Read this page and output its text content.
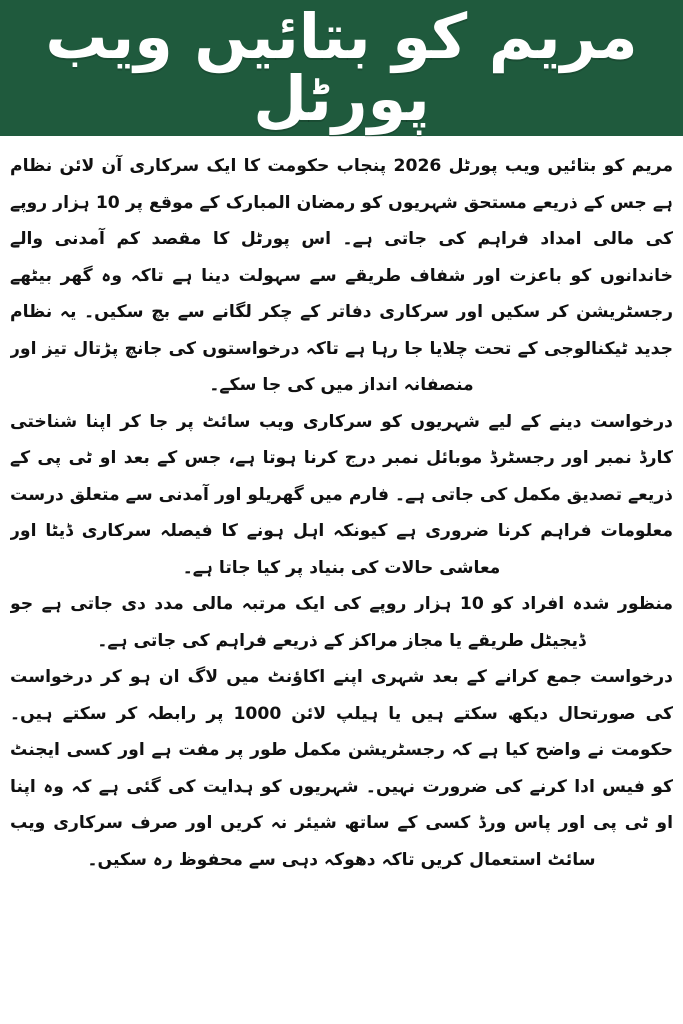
مریم کو بتائیں ویب پورٹل

مریم کو بتائیں ویب پورٹل 2026 پنجاب حکومت کا ایک سرکاری آن لائن نظام ہے جس کے ذریعے مستحق شہریوں کو رمضان المبارک کے موقع پر 10 ہزار روپے کی مالی امداد فراہم کی جاتی ہے۔ اس پورٹل کا مقصد کم آمدنی والے خاندانوں کو باعزت اور شفاف طریقے سے سہولت دینا ہے تاکہ وہ گھر بیٹھے رجسٹریشن کر سکیں اور سرکاری دفاتر کے چکر لگانے سے بچ سکیں۔ یہ نظام جدید ٹیکنالوجی کے تحت چلایا جا رہا ہے تاکہ درخواستوں کی جانچ پڑتال تیز اور منصفانہ انداز میں کی جا سکے۔

درخواست دینے کے لیے شہریوں کو سرکاری ویب سائٹ پر جا کر اپنا شناختی کارڈ نمبر اور رجسٹرڈ موبائل نمبر درج کرنا ہوتا ہے، جس کے بعد او ٹی پی کے ذریعے تصدیق مکمل کی جاتی ہے۔ فارم میں گھریلو اور آمدنی سے متعلق درست معلومات فراہم کرنا ضروری ہے کیونکہ اہل ہونے کا فیصلہ سرکاری ڈیٹا اور معاشی حالات کی بنیاد پر کیا جاتا ہے۔

منظور شدہ افراد کو 10 ہزار روپے کی ایک مرتبہ مالی مدد دی جاتی ہے جو ڈیجیٹل طریقے یا مجاز مراکز کے ذریعے فراہم کی جاتی ہے۔

درخواست جمع کرانے کے بعد شہری اپنے اکاؤنٹ میں لاگ ان ہو کر درخواست کی صورتحال دیکھ سکتے ہیں یا ہیلپ لائن 1000 پر رابطہ کر سکتے ہیں۔ حکومت نے واضح کیا ہے کہ رجسٹریشن مکمل طور پر مفت ہے اور کسی ایجنٹ کو فیس ادا کرنے کی ضرورت نہیں۔ شہریوں کو ہدایت کی گئی ہے کہ وہ اپنا او ٹی پی اور پاس ورڈ کسی کے ساتھ شیئر نہ کریں اور صرف سرکاری ویب سائٹ استعمال کریں تاکہ دھوکہ دہی سے محفوظ رہ سکیں۔
